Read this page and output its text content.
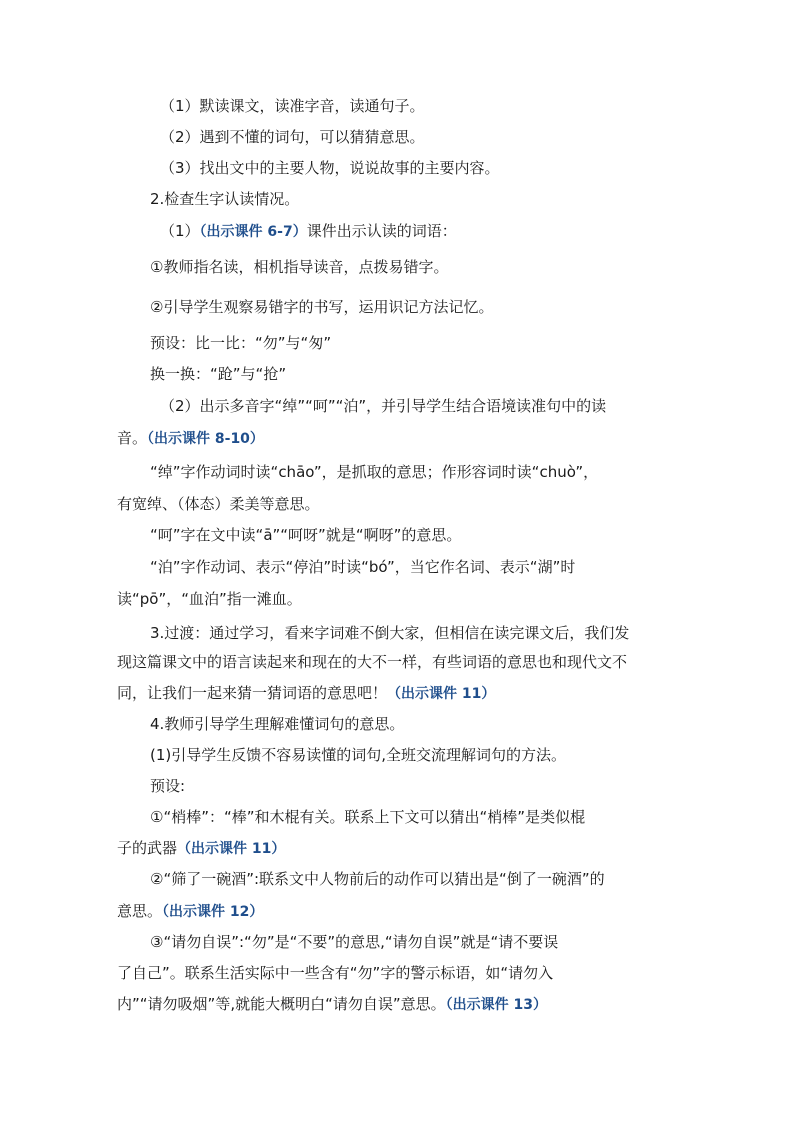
（1）默读课文，读准字音，读通句子。
（2）遇到不懂的词句，可以猜猜意思。
（3）找出文中的主要人物，说说故事的主要内容。
2.检查生字认读情况。
（1）（出示课件 6-7）课件出示认读的词语：
①教师指名读，相机指导读音，点拨易错字。
②引导学生观察易错字的书写，运用识记方法记忆。
预设：比一比：“勿”与“匆”
换一换：“跄”与“抢”
（2）出示多音字“绰”“呵”“泊”，并引导学生结合语境读准句中的读
音。（出示课件 8-10）
“绰”字作动词时读“chāo”，是抓取的意思；作形容词时读“chuò”，
有宽绰、（体态）柔美等意思。
“呵”字在文中读“ā”“呵呀”就是“啊呀”的意思。
“泊”字作动词、表示“停泊”时读“bó”，当它作名词、表示“湖”时
读“pō”，“血泊”指一滩血。
3.过渡：通过学习，看来字词难不倒大家，但相信在读完课文后，我们发
现这篇课文中的语言读起来和现在的大不一样，有些词语的意思也和现代文不
同，让我们一起来猜一猜词语的意思吧！（出示课件 11）
4.教师引导学生理解难懂词句的意思。
(1)引导学生反馈不容易读懂的词句,全班交流理解词句的方法。
预设:
①“梢棒”：“棒”和木棍有关。联系上下文可以猜出“梢棒”是类似棍
子的武器（出示课件 11）
②“筛了一碗酒”:联系文中人物前后的动作可以猜出是“倒了一碗酒”的
意思。（出示课件 12）
③“请勿自误”:“勿”是“不要”的意思,“请勿自误”就是“请不要误
了自己”。联系生活实际中一些含有“勿”字的警示标语，如“请勿入
内”“请勿吸烟”等,就能大概明白“请勿自误”意思。（出示课件 13）
